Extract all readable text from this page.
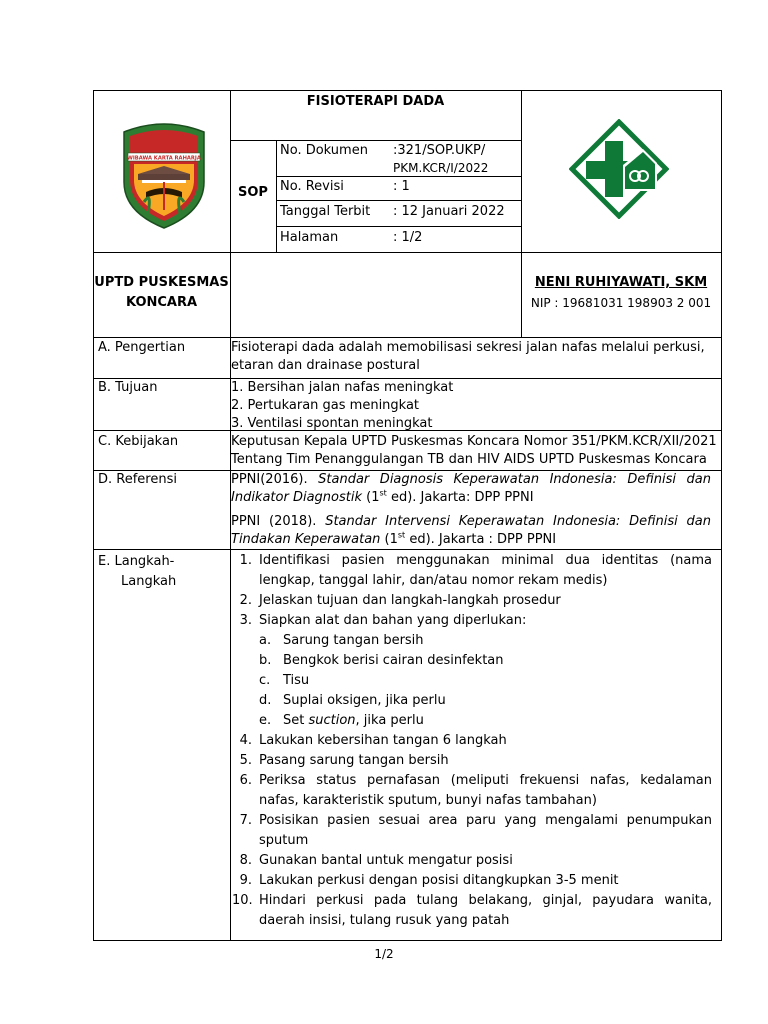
WIBAWA KARTA RAHARJA
FISIOTERAPI DADA
SOP
No. Dokumen :321/SOP.UKP/
PKM.KCR/I/2022
No. Revisi	: 1
Tanggal Terbit : 12 Januari 2022
Halaman	: 1/2
UPTD PUSKESMAS
KONCARA
NENI RUHIYAWATI, SKM
NIP : 19681031 198903 2 001
A. Pengertian	Fisioterapi dada adalah memobilisasi sekresi jalan nafas melalui perkusi,
etaran dan drainase postural
B. Tujuan	1. Bersihan jalan nafas meningkat
2. Pertukaran gas meningkat
3. Ventilasi spontan meningkat
C. Kebijakan	Keputusan Kepala UPTD Puskesmas Koncara Nomor 351/PKM.KCR/XII/2021
Tentang Tim Penanggulangan TB dan HIV AIDS UPTD Puskesmas Koncara
D. Referensi	PPNI(2016). Standar Diagnosis Keperawatan Indonesia: Definisi dan Indikator Diagnostik (1st ed). Jakarta: DPP PPNI
PPNI (2018). Standar Intervensi Keperawatan Indonesia: Definisi dan Tindakan Keperawatan (1st ed). Jakarta : DPP PPNI
E. Langkah-
Langkah
1. Identifikasi pasien menggunakan minimal dua identitas (nama lengkap, tanggal lahir, dan/atau nomor rekam medis)
2. Jelaskan tujuan dan langkah-langkah prosedur
3. Siapkan alat dan bahan yang diperlukan:
a. Sarung tangan bersih
b. Bengkok berisi cairan desinfektan
c. Tisu
d. Suplai oksigen, jika perlu
e. Set suction, jika perlu
4. Lakukan kebersihan tangan 6 langkah
5. Pasang sarung tangan bersih
6. Periksa status pernafasan (meliputi frekuensi nafas, kedalaman nafas, karakteristik sputum, bunyi nafas tambahan)
7. Posisikan pasien sesuai area paru yang mengalami penumpukan sputum
8. Gunakan bantal untuk mengatur posisi
9. Lakukan perkusi dengan posisi ditangkupkan 3-5 menit
10. Hindari perkusi pada tulang belakang, ginjal, payudara wanita, daerah insisi, tulang rusuk yang patah
1/2
